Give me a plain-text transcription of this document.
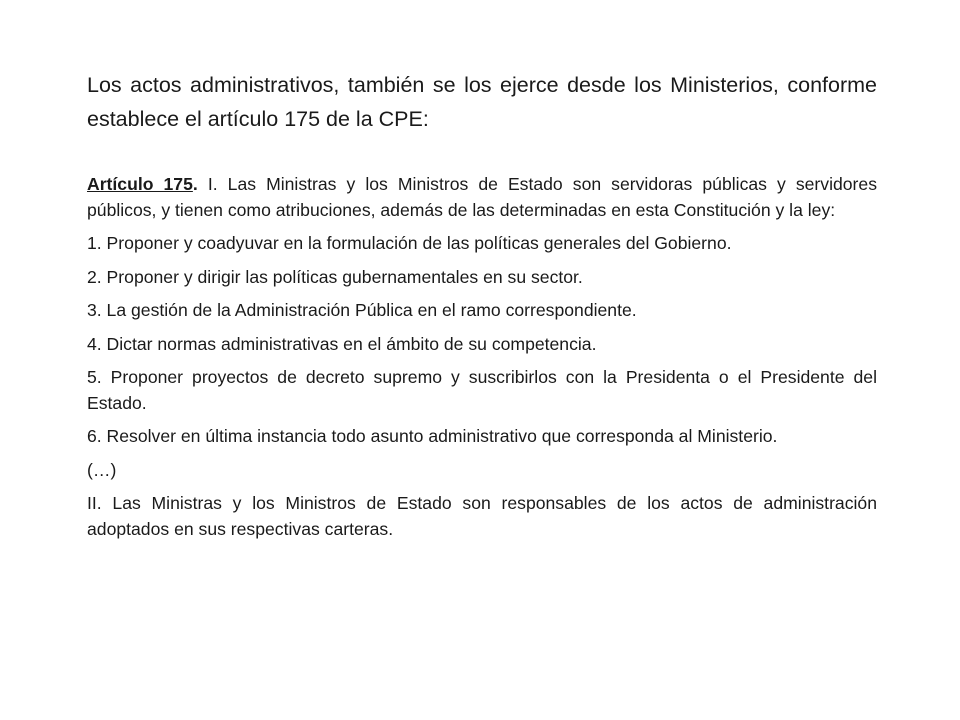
Los actos administrativos, también se los ejerce desde los Ministerios, conforme establece el artículo 175 de la CPE:

Artículo 175. I. Las Ministras y los Ministros de Estado son servidoras públicas y servidores públicos, y tienen como atribuciones, además de las determinadas en esta Constitución y la ley:

1. Proponer y coadyuvar en la formulación de las políticas generales del Gobierno.

2. Proponer y dirigir las políticas gubernamentales en su sector.

3. La gestión de la Administración Pública en el ramo correspondiente.

4. Dictar normas administrativas en el ámbito de su competencia.

5. Proponer proyectos de decreto supremo y suscribirlos con la Presidenta o el Presidente del Estado.

6. Resolver en última instancia todo asunto administrativo que corresponda al Ministerio.

(…)

II. Las Ministras y los Ministros de Estado son responsables de los actos de administración adoptados en sus respectivas carteras.
